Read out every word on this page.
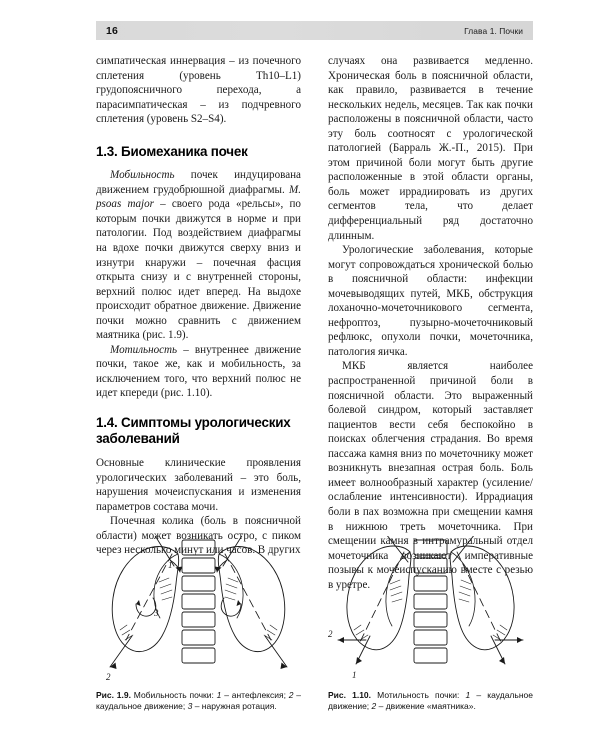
16	Глава 1. Почки

симпатическая иннервация – из почечного сплетения (уровень Th10–L1) грудопоясничного перехода, а парасимпатическая – из подчревного сплетения (уровень S2–S4).

1.3. Биомеханика почек

Мобильность почек индуцирована движением грудобрюшной диафрагмы. M. psoas major – своего рода «рельсы», по которым почки движутся в норме и при патологии. Под воздействием диафрагмы на вдохе почки движутся сверху вниз и изнутри кнаружи – почечная фасция открыта снизу и с внутренней стороны, верхний полюс идет вперед. На выдохе происходит обратное движение. Движение почки можно сравнить с движением маятника (рис. 1.9).

Мотильность – внутреннее движение почки, такое же, как и мобильность, за исключением того, что верхний полюс не идет кпереди (рис. 1.10).

1.4. Симптомы урологических заболеваний

Основные клинические проявления урологических заболеваний – это боль, нарушения мочеиспускания и изменения параметров состава мочи.

Почечная колика (боль в поясничной области) может возникать остро, с пиком через несколько минут или часов. В других

случаях она развивается медленно. Хроническая боль в поясничной области, как правило, развивается в течение нескольких недель, месяцев. Так как почки расположены в поясничной области, часто эту боль соотносят с урологической патологией (Барраль Ж.-П., 2015). При этом причиной боли могут быть другие расположенные в этой области органы, боль может иррадиировать из других сегментов тела, что делает дифференциальный ряд достаточно длинным.

Урологические заболевания, которые могут сопровождаться хронической болью в поясничной области: инфекции мочевыводящих путей, МКБ, обструкция лоханочно-мочеточникового сегмента, нефроптоз, пузырно-мочеточниковый рефлюкс, опухоли почки, мочеточника, патология яичка.

МКБ является наиболее распространенной причиной боли в поясничной области. Это выраженный болевой синдром, который заставляет пациентов вести себя беспокойно в поисках облегчения страдания. Во время пассажа камня вниз по мочеточнику может возникнуть внезапная острая боль. Боль имеет волнообразный характер (усиление/ослабление интенсивности). Иррадиация боли в пах возможна при смещении камня в нижнюю треть мочеточника. При смещении камня в интрамуральный отдел мочеточника возникают императивные позывы к мочеиспусканию вместе с резью в уретре.

1
2
3

Рис. 1.9. Мобильность почки: 1 – антефлексия; 2 – каудальное движение; 3 – наружная ротация.

2
1

Рис. 1.10. Мотильность почки: 1 – каудальное движение; 2 – движение «маятника».
